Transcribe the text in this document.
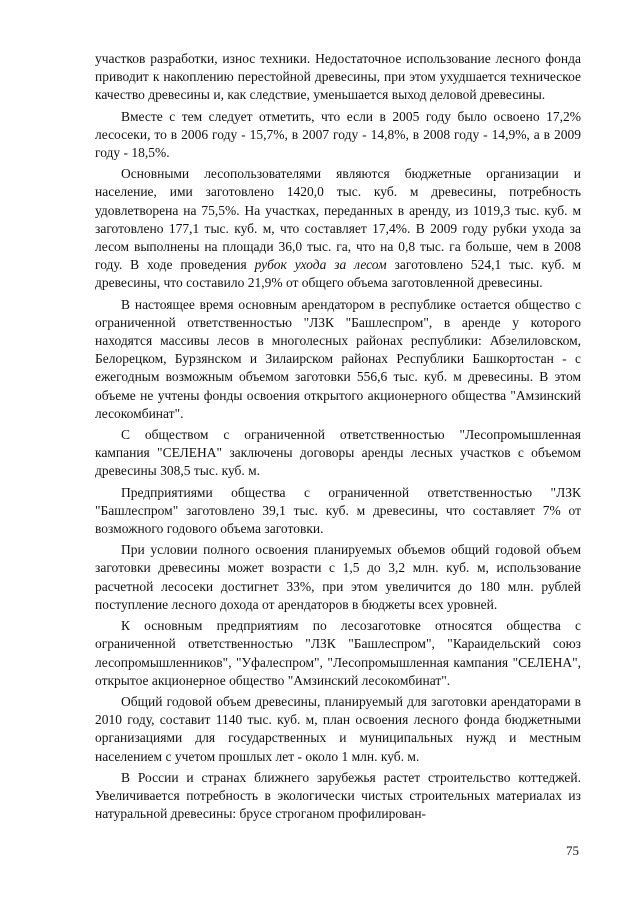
участков разработки, износ техники. Недостаточное использование лесного фонда приводит к накоплению перестойной древесины, при этом ухудшается техническое качество древесины и, как следствие, уменьшается выход деловой древесины.

Вместе с тем следует отметить, что если в 2005 году было освоено 17,2% лесосеки, то в 2006 году - 15,7%, в 2007 году - 14,8%, в 2008 году - 14,9%, а в 2009 году - 18,5%.

Основными лесопользователями являются бюджетные организации и население, ими заготовлено 1420,0 тыс. куб. м древесины, потребность удовлетворена на 75,5%. На участках, переданных в аренду, из 1019,3 тыс. куб. м заготовлено 177,1 тыс. куб. м, что составляет 17,4%. В 2009 году рубки ухода за лесом выполнены на площади 36,0 тыс. га, что на 0,8 тыс. га больше, чем в 2008 году. В ходе проведения рубок ухода за лесом заготовлено 524,1 тыс. куб. м древесины, что составило 21,9% от общего объема заготовленной древесины.

В настоящее время основным арендатором в республике остается общество с ограниченной ответственностью "ЛЗК "Башлеспром", в аренде у которого находятся массивы лесов в многолесных районах республики: Абзелиловском, Белорецком, Бурзянском и Зилаирском районах Республики Башкортостан - с ежегодным возможным объемом заготовки 556,6 тыс. куб. м древесины. В этом объеме не учтены фонды освоения открытого акционерного общества "Амзинский лесокомбинат".

С обществом с ограниченной ответственностью "Лесопромышленная кампания "СЕЛЕНА" заключены договоры аренды лесных участков с объемом древесины 308,5 тыс. куб. м.

Предприятиями общества с ограниченной ответственностью "ЛЗК "Башлеспром" заготовлено 39,1 тыс. куб. м древесины, что составляет 7% от возможного годового объема заготовки.

При условии полного освоения планируемых объемов общий годовой объем заготовки древесины может возрасти с 1,5 до 3,2 млн. куб. м, использование расчетной лесосеки достигнет 33%, при этом увеличится до 180 млн. рублей поступление лесного дохода от арендаторов в бюджеты всех уровней.

К основным предприятиям по лесозаготовке относятся общества с ограниченной ответственностью "ЛЗК "Башлеспром", "Караидельский союз лесопромышленников", "Уфалеспром", "Лесопромышленная кампания "СЕЛЕНА", открытое акционерное общество "Амзинский лесокомбинат".

Общий годовой объем древесины, планируемый для заготовки арендаторами в 2010 году, составит 1140 тыс. куб. м, план освоения лесного фонда бюджетными организациями для государственных и муниципальных нужд и местным населением с учетом прошлых лет - около 1 млн. куб. м.

В России и странах ближнего зарубежья растет строительство коттеджей. Увеличивается потребность в экологически чистых строительных материалах из натуральной древесины: брусе строганом профилирован-

75
